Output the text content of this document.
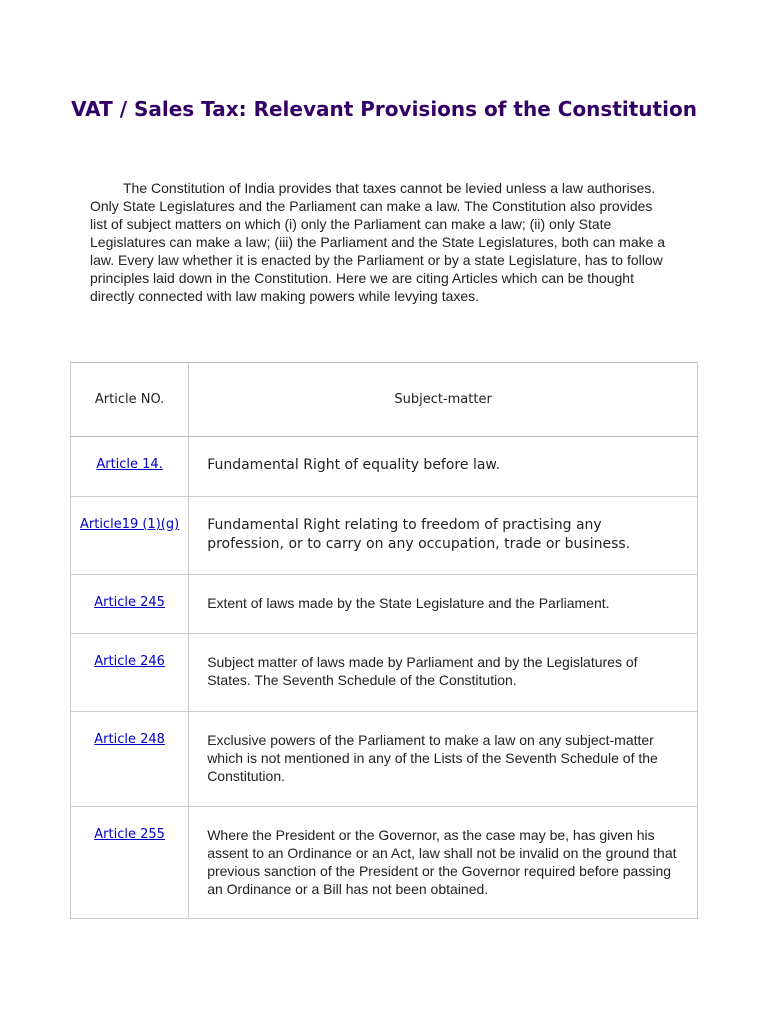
VAT / Sales Tax: Relevant Provisions of the Constitution

The Constitution of India provides that taxes cannot be levied unless a law authorises. Only State Legislatures and the Parliament can make a law. The Constitution also provides list of subject matters on which (i) only the Parliament can make a law; (ii) only State Legislatures can make a law; (iii) the Parliament and the State Legislatures, both can make a law. Every law whether it is enacted by the Parliament or by a state Legislature, has to follow principles laid down in the Constitution. Here we are citing Articles which can be thought directly connected with law making powers while levying taxes.

Article NO.	Subject-matter
Article 14.	Fundamental Right of equality before law.
Article19 (1)(g)	Fundamental Right relating to freedom of practising any profession, or to carry on any occupation, trade or business.
Article 245	Extent of laws made by the State Legislature and the Parliament.
Article 246	Subject matter of laws made by Parliament and by the Legislatures of States. The Seventh Schedule of the Constitution.
Article 248	Exclusive powers of the Parliament to make a law on any subject-matter which is not mentioned in any of the Lists of the Seventh Schedule of the Constitution.
Article 255	Where the President or the Governor, as the case may be, has given his assent to an Ordinance or an Act, law shall not be invalid on the ground that previous sanction of the President or the Governor required before passing an Ordinance or a Bill has not been obtained.
